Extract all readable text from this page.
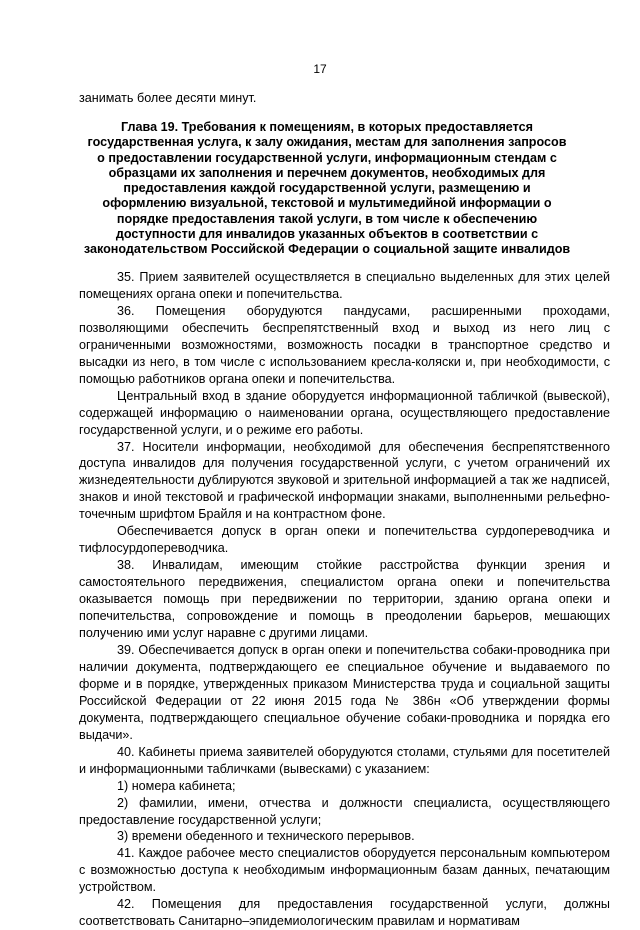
17
занимать более десяти минут.
Глава 19. Требования к помещениям, в которых предоставляется государственная услуга, к залу ожидания, местам для заполнения запросов о предоставлении государственной услуги, информационным стендам с образцами их заполнения и перечнем документов, необходимых для предоставления каждой государственной услуги, размещению и оформлению визуальной, текстовой и мультимедийной информации о порядке предоставления такой услуги, в том числе к обеспечению доступности для инвалидов указанных объектов в соответствии с законодательством Российской Федерации о социальной защите инвалидов

35. Прием заявителей осуществляется в специально выделенных для этих целей помещениях органа опеки и попечительства.

36. Помещения оборудуются пандусами, расширенными проходами, позволяющими обеспечить беспрепятственный вход и выход из него лиц с ограниченными возможностями, возможность посадки в транспортное средство и высадки из него, в том числе с использованием кресла-коляски и, при необходимости, с помощью работников органа опеки и попечительства.

Центральный вход в здание оборудуется информационной табличкой (вывеской), содержащей информацию о наименовании органа, осуществляющего предоставление государственной услуги, и о режиме его работы.

37. Носители информации, необходимой для обеспечения беспрепятственного доступа инвалидов для получения государственной услуги, с учетом ограничений их жизнедеятельности дублируются звуковой и зрительной информацией а так же надписей, знаков и иной текстовой и графической информации знаками, выполненными рельефно-точечным шрифтом Брайля и на контрастном фоне.

Обеспечивается допуск в орган опеки и попечительства сурдопереводчика и тифлосурдопереводчика.

38. Инвалидам, имеющим стойкие расстройства функции зрения и самостоятельного передвижения, специалистом органа опеки и попечительства оказывается помощь при передвижении по территории, зданию органа опеки и попечительства, сопровождение и помощь в преодолении барьеров, мешающих получению ими услуг наравне с другими лицами.

39. Обеспечивается допуск в орган опеки и попечительства собаки-проводника при наличии документа, подтверждающего ее специальное обучение и выдаваемого по форме и в порядке, утвержденных приказом Министерства труда и социальной защиты Российской Федерации от 22 июня 2015 года № 386н «Об утверждении формы документа, подтверждающего специальное обучение собаки-проводника и порядка его выдачи».

40. Кабинеты приема заявителей оборудуются столами, стульями для посетителей и информационными табличками (вывесками) с указанием:

1) номера кабинета;

2) фамилии, имени, отчества и должности специалиста, осуществляющего предоставление государственной услуги;

3) времени обеденного и технического перерывов.

41. Каждое рабочее место специалистов оборудуется персональным компьютером с возможностью доступа к необходимым информационным базам данных, печатающим устройством.

42. Помещения для предоставления государственной услуги, должны соответствовать Санитарно–эпидемиологическим правилам и нормативам
